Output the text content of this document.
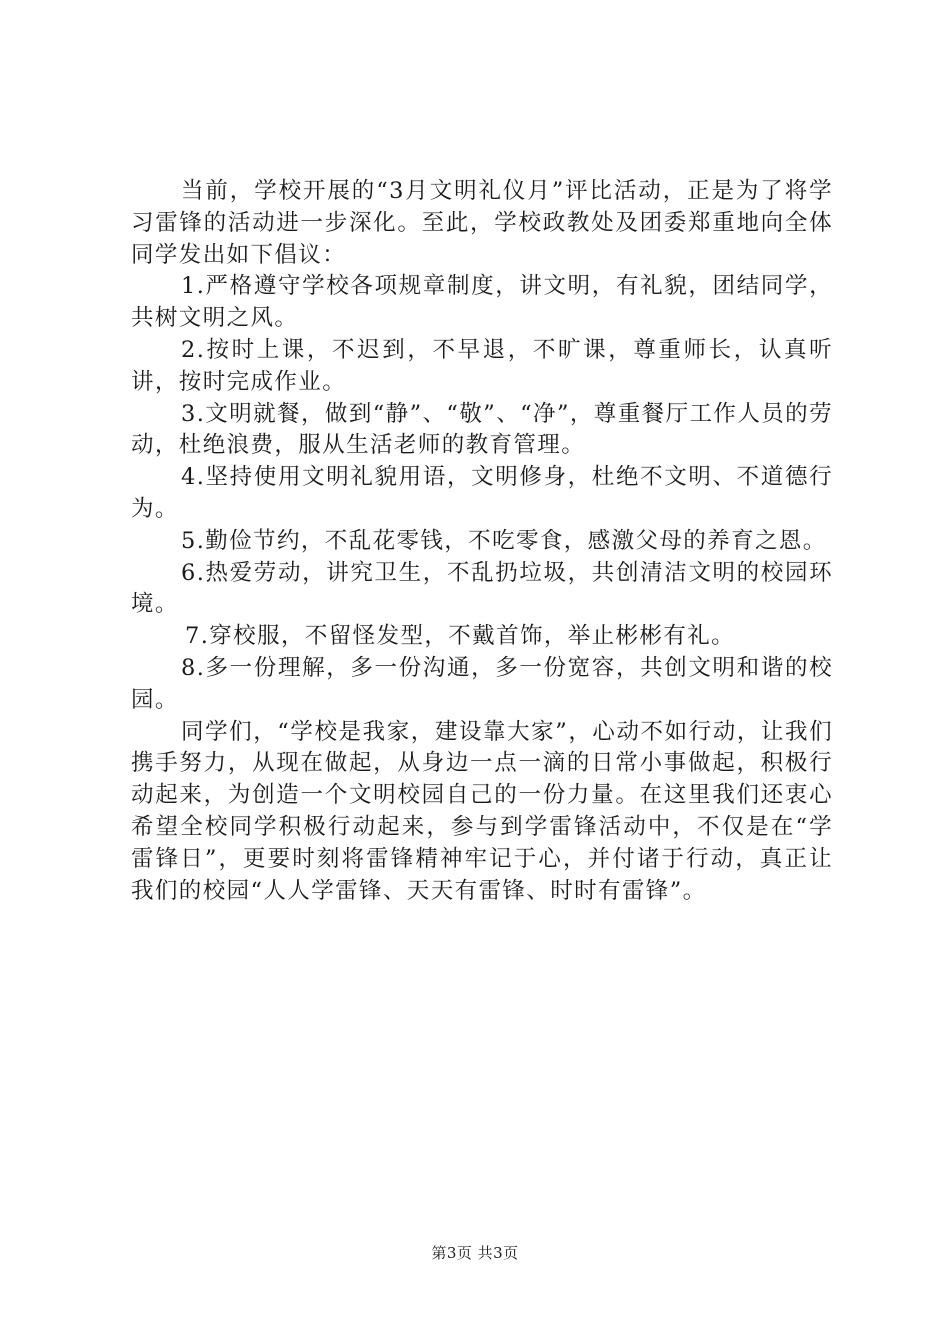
当前，学校开展的“3月文明礼仪月”评比活动，正是为了将学习雷锋的活动进一步深化。至此，学校政教处及团委郑重地向全体同学发出如下倡议：

1.严格遵守学校各项规章制度，讲文明，有礼貌，团结同学，共树文明之风。

2.按时上课，不迟到，不早退，不旷课，尊重师长，认真听讲，按时完成作业。

3.文明就餐，做到“静”、“敬”、“净”，尊重餐厅工作人员的劳动，杜绝浪费，服从生活老师的教育管理。

4.坚持使用文明礼貌用语，文明修身，杜绝不文明、不道德行为。

5.勤俭节约，不乱花零钱，不吃零食，感激父母的养育之恩。

6.热爱劳动，讲究卫生，不乱扔垃圾，共创清洁文明的校园环境。

7.穿校服，不留怪发型，不戴首饰，举止彬彬有礼。

8.多一份理解，多一份沟通，多一份宽容，共创文明和谐的校园。

同学们，“学校是我家，建设靠大家”，心动不如行动，让我们携手努力，从现在做起，从身边一点一滴的日常小事做起，积极行动起来，为创造一个文明校园自己的一份力量。在这里我们还衷心希望全校同学积极行动起来，参与到学雷锋活动中，不仅是在“学雷锋日”，更要时刻将雷锋精神牢记于心，并付诸于行动，真正让我们的校园“人人学雷锋、天天有雷锋、时时有雷锋”。

第3页 共3页
